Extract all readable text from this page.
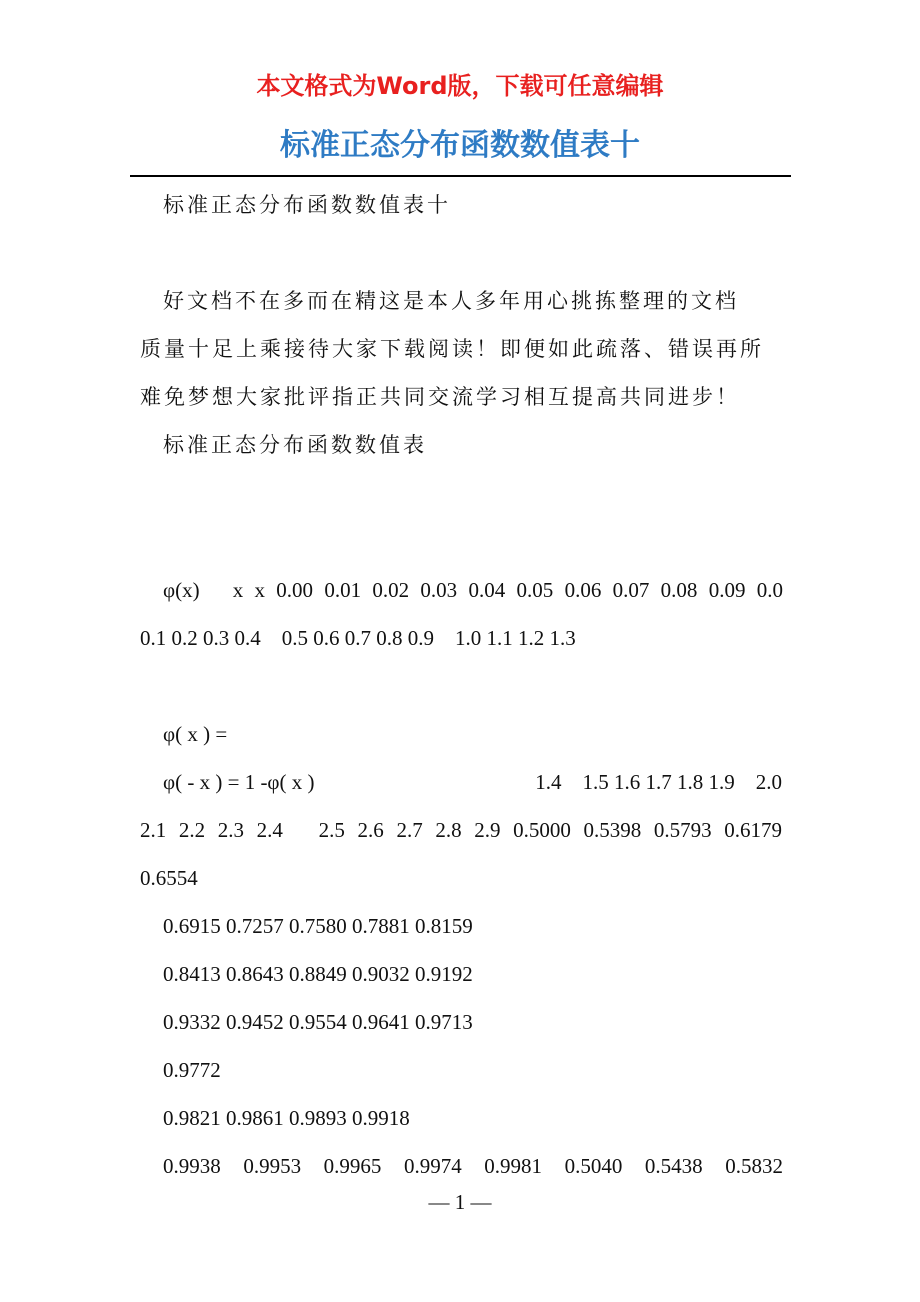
本文格式为Word版，下载可任意编辑
标准正态分布函数数值表十
标准正态分布函数数值表十
好文档不在多而在精这是本人多年用心挑拣整理的文档
质量十足上乘接待大家下载阅读！即便如此疏落、错误再所
难免梦想大家批评指正共同交流学习相互提高共同进步！
标准正态分布函数数值表
φ(x)　x x 0.00 0.01 0.02 0.03 0.04 0.05 0.06 0.07 0.08 0.09 0.0
0.1 0.2 0.3 0.4　0.5 0.6 0.7 0.8 0.9　1.0 1.1 1.2 1.3
φ( x ) =
φ( - x ) = 1 -φ( x )	1.4　1.5 1.6 1.7 1.8 1.9　2.0
2.1 2.2 2.3 2.4　2.5 2.6 2.7 2.8 2.9 0.5000 0.5398 0.5793 0.6179
0.6554
0.6915 0.7257 0.7580 0.7881 0.8159
0.8413 0.8643 0.8849 0.9032 0.9192
0.9332 0.9452 0.9554 0.9641 0.9713
0.9772
0.9821 0.9861 0.9893 0.9918
0.9938　0.9953　0.9965　0.9974　0.9981　0.5040　0.5438　0.5832
— 1 —
